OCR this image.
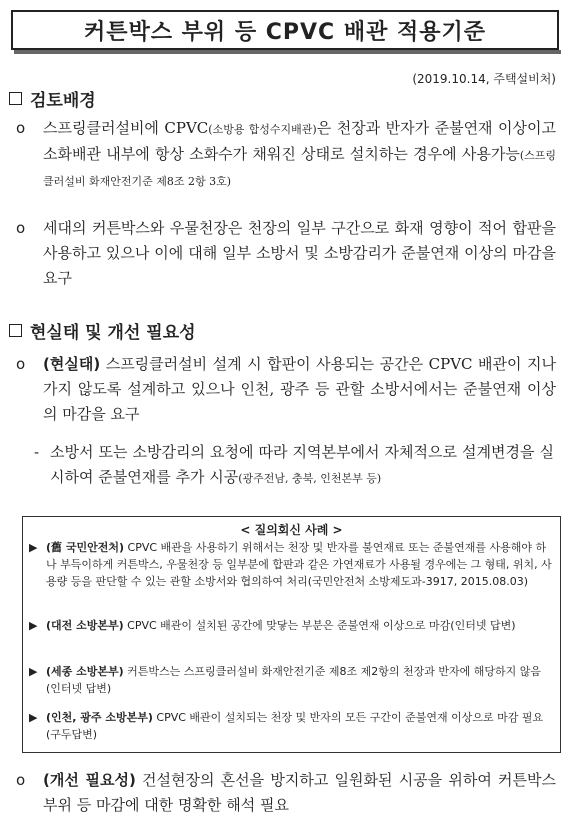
커튼박스 부위 등 CPVC 배관 적용기준
(2019.10.14, 주택설비처)
검토배경
o 스프링클러설비에 CPVC(소방용 합성수지배관)은 천장과 반자가 준불연재 이상이고 소화배관 내부에 항상 소화수가 채워진 상태로 설치하는 경우에 사용가능(스프링클러설비 화재안전기준 제8조 2항 3호)
o 세대의 커튼박스와 우물천장은 천장의 일부 구간으로 화재 영향이 적어 합판을 사용하고 있으나 이에 대해 일부 소방서 및 소방감리가 준불연재 이상의 마감을 요구
현실태 및 개선 필요성
o (현실태) 스프링클러설비 설계 시 합판이 사용되는 공간은 CPVC 배관이 지나가지 않도록 설계하고 있으나 인천, 광주 등 관할 소방서에서는 준불연재 이상의 마감을 요구
- 소방서 또는 소방감리의 요청에 따라 지역본부에서 자체적으로 설계변경을 실시하여 준불연재를 추가 시공(광주전남, 충북, 인천본부 등)
< 질의회신 사례 >
▶ (舊 국민안전처) CPVC 배관을 사용하기 위해서는 천장 및 반자를 불연재료 또는 준불연재를 사용해야 하나 부득이하게 커튼박스, 우물천장 등 일부분에 합판과 같은 가연재료가 사용될 경우에는 그 형태, 위치, 사용량 등을 판단할 수 있는 관할 소방서와 협의하여 처리(국민안전처 소방제도과-3917, 2015.08.03)
▶ (대전 소방본부) CPVC 배관이 설치된 공간에 맞닿는 부분은 준불연재 이상으로 마감(인터넷 답변)
▶ (세종 소방본부) 커튼박스는 스프링클러설비 화재안전기준 제8조 제2항의 천장과 반자에 해당하지 않음(인터넷 답변)
▶ (인천, 광주 소방본부) CPVC 배관이 설치되는 천장 및 반자의 모든 구간이 준불연재 이상으로 마감 필요(구두답변)
o (개선 필요성) 건설현장의 혼선을 방지하고 일원화된 시공을 위하여 커튼박스 부위 등 마감에 대한 명확한 해석 필요
